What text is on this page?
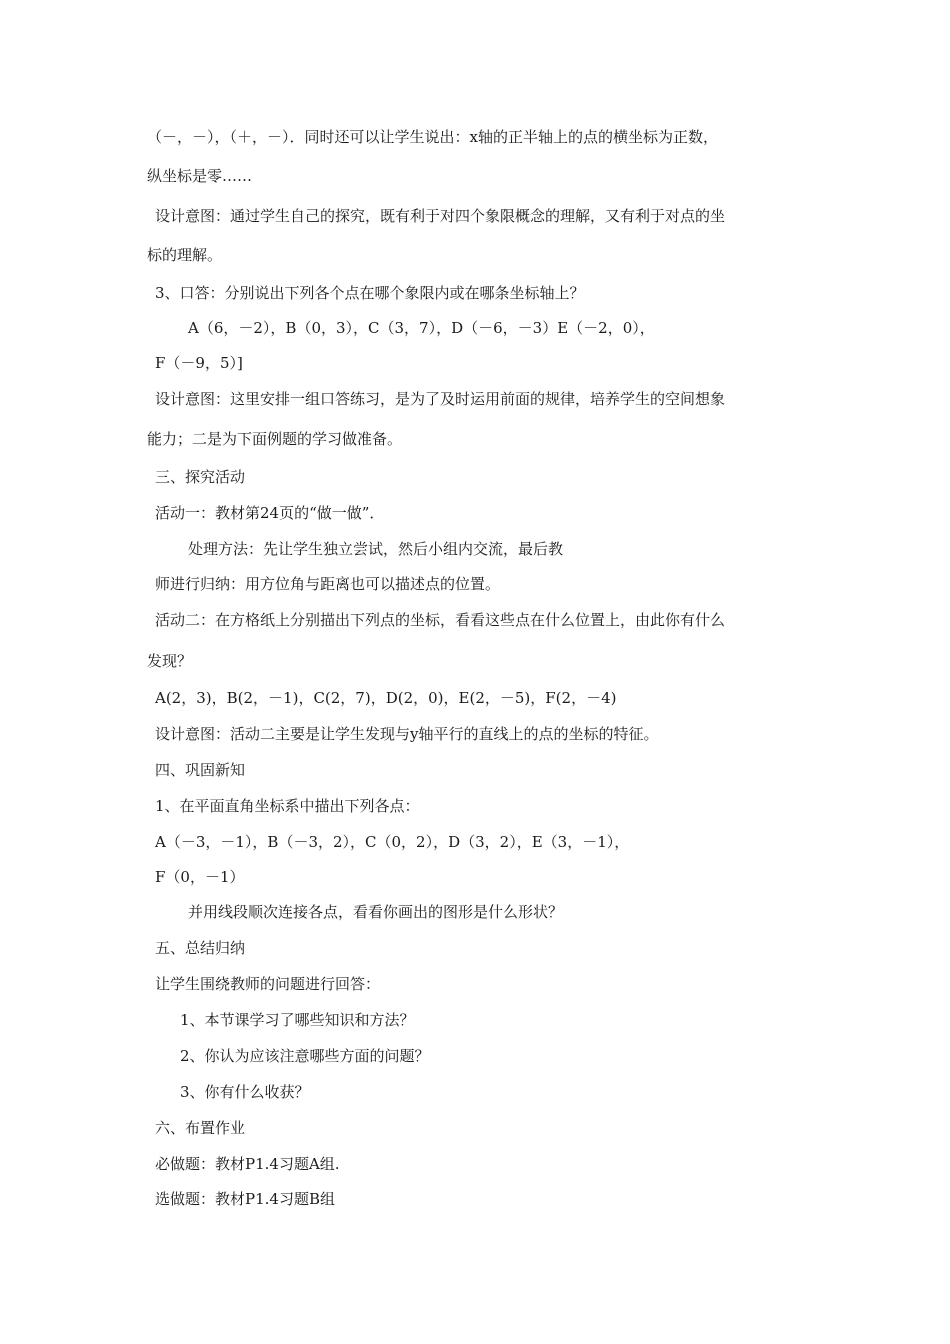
（－，－），（＋，－）．同时还可以让学生说出：x轴的正半轴上的点的横坐标为正数，
纵坐标是零……
设计意图：通过学生自己的探究，既有利于对四个象限概念的理解，又有利于对点的坐
标的理解。
3、口答：分别说出下列各个点在哪个象限内或在哪条坐标轴上？
A（6，－2），B（0，3），C（3，7），D（－6，－3）E（－2，0），
F（－9，5）]
设计意图：这里安排一组口答练习，是为了及时运用前面的规律，培养学生的空间想象
能力；二是为下面例题的学习做准备。
三、探究活动
活动一：教材第24页的“做一做”．
处理方法：先让学生独立尝试，然后小组内交流，最后教
师进行归纳：用方位角与距离也可以描述点的位置。
活动二：在方格纸上分别描出下列点的坐标，看看这些点在什么位置上，由此你有什么
发现？
A(2，3)，B(2，－1)，C(2，7)，D(2，0)，E(2，－5)，F(2，－4)
设计意图：活动二主要是让学生发现与y轴平行的直线上的点的坐标的特征。
四、巩固新知
1、在平面直角坐标系中描出下列各点：
A（－3，－1），B（－3，2），C（0，2），D（3，2），E（3，－1），
F（0，－1）
并用线段顺次连接各点，看看你画出的图形是什么形状？
五、总结归纳
让学生围绕教师的问题进行回答：
1、本节课学习了哪些知识和方法？
2、你认为应该注意哪些方面的问题？
3、你有什么收获？
六、布置作业
必做题：教材P1.4习题A组.
选做题：教材P1.4习题B组
